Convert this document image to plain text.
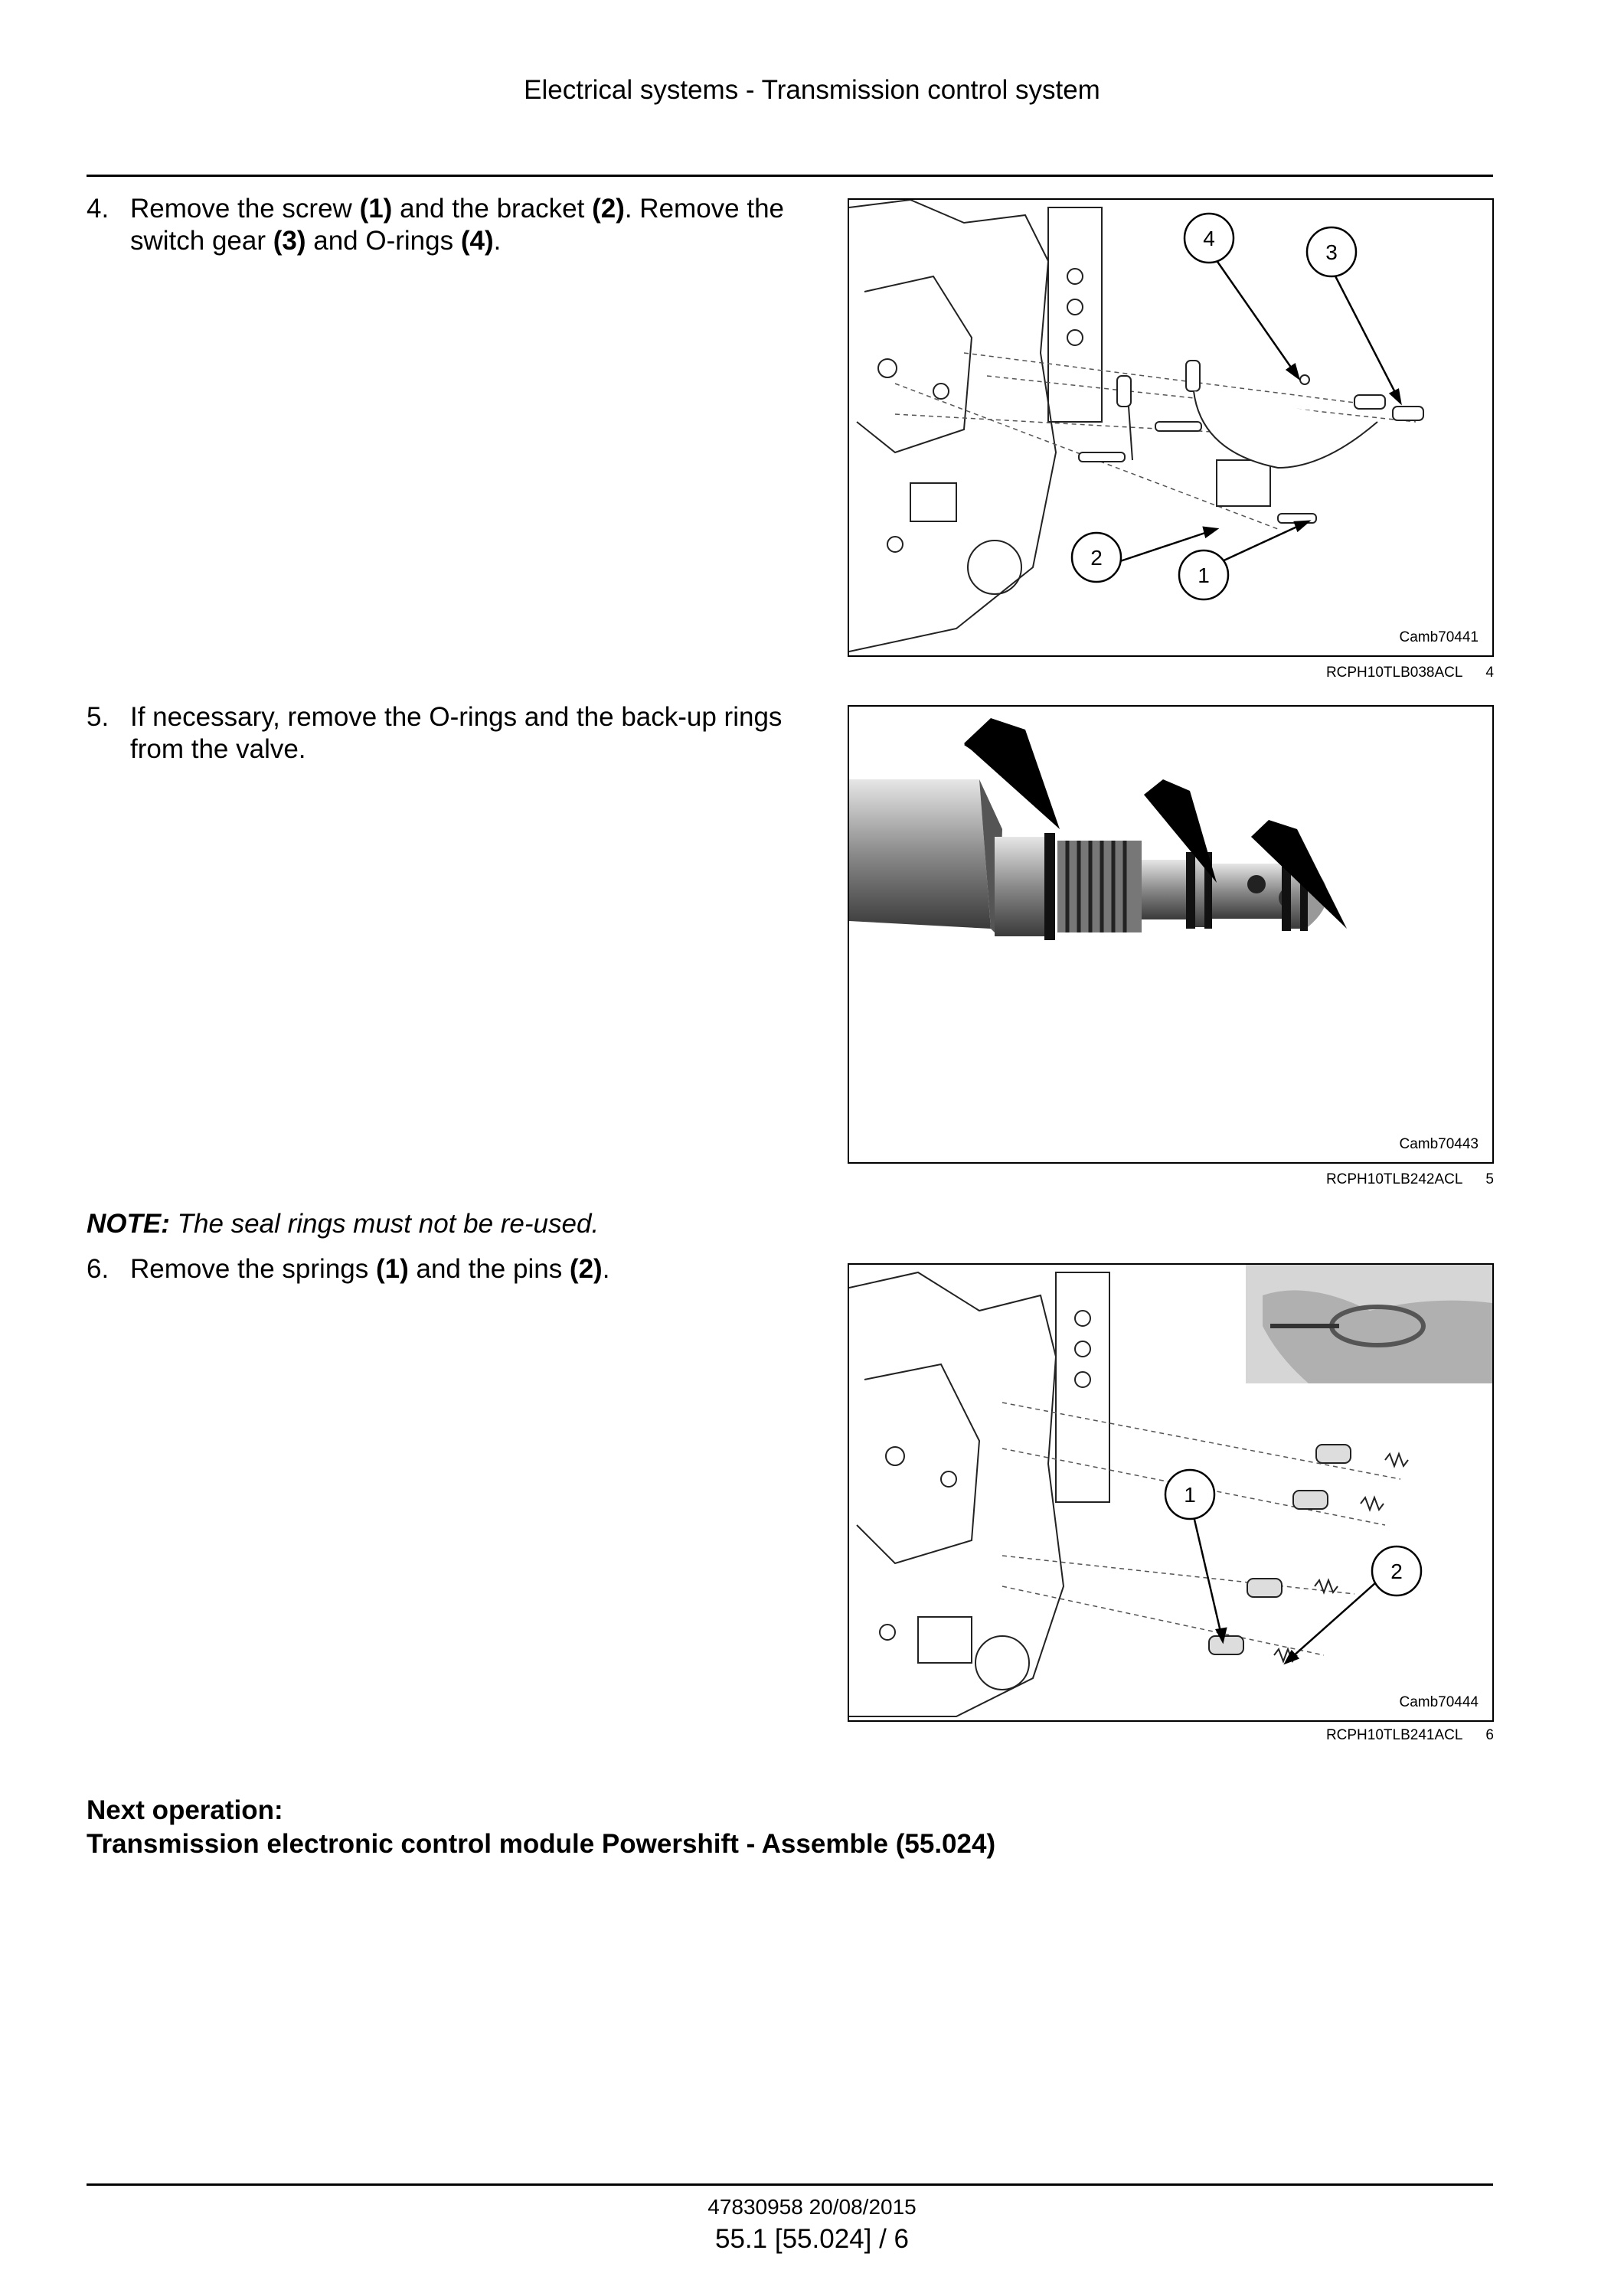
Electrical systems - Transmission control system
4. Remove the screw (1) and the bracket (2). Remove the switch gear (3) and O-rings (4).	4
3
2
1
Camb70441
RCPH10TLB038ACL 4
5. If necessary, remove the O-rings and the back-up rings from the valve.
Camb70443
RCPH10TLB242ACL 5
NOTE: The seal rings must not be re-used.
6. Remove the springs (1) and the pins (2).
1
2
Camb70444
RCPH10TLB241ACL 6
Next operation:
Transmission electronic control module Powershift - Assemble (55.024)
47830958 20/08/2015
55.1 [55.024] / 6
